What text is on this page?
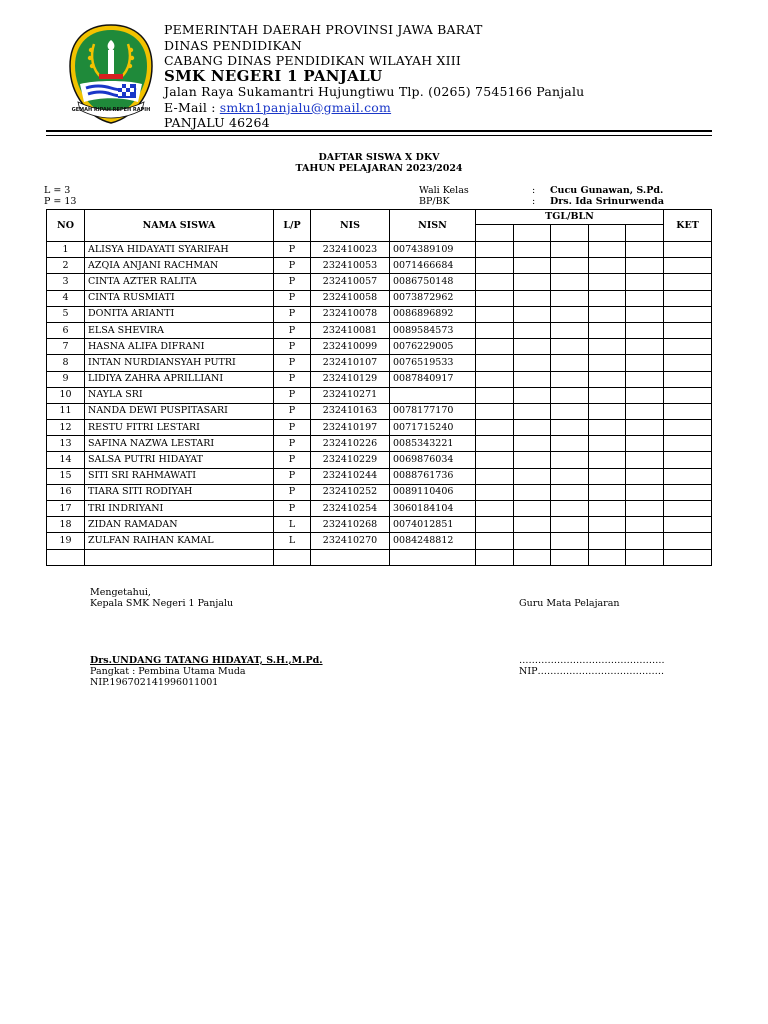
GEMAH RIPAH REPEH RAPIH
PEMERINTAH DAERAH PROVINSI JAWA BARAT
DINAS PENDIDIKAN
CABANG DINAS PENDIDIKAN WILAYAH XIII
SMK NEGERI 1 PANJALU
Jalan Raya Sukamantri Hujungtiwu Tlp. (0265) 7545166 Panjalu
E-Mail : smkn1panjalu@gmail.com
PANJALU 46264
DAFTAR SISWA X DKV
TAHUN PELAJARAN 2023/2024
L = 3
P = 13
Wali Kelas
BP/BK
:
:
Cucu Gunawan, S.Pd.
Drs. Ida Srinurwenda
NO	NAMA SISWA	L/P	NIS	NISN	TGL/BLN					KET

1	ALISYA HIDAYATI SYARIFAH	P	232410023	0074389109						
2	AZQIA ANJANI RACHMAN	P	232410053	0071466684						
3	CINTA AZTER RALITA	P	232410057	0086750148						
4	CINTA RUSMIATI	P	232410058	0073872962						
5	DONITA ARIANTI	P	232410078	0086896892						
6	ELSA SHEVIRA	P	232410081	0089584573						
7	HASNA ALIFA DIFRANI	P	232410099	0076229005						
8	INTAN NURDIANSYAH PUTRI	P	232410107	0076519533						
9	LIDIYA ZAHRA APRILLIANI	P	232410129	0087840917						
10	NAYLA SRI	P	232410271							
11	NANDA DEWI PUSPITASARI	P	232410163	0078177170						
12	RESTU FITRI LESTARI	P	232410197	0071715240						
13	SAFINA NAZWA LESTARI	P	232410226	0085343221						
14	SALSA PUTRI HIDAYAT	P	232410229	0069876034						
15	SITI SRI RAHMAWATI	P	232410244	0088761736						
16	TIARA SITI RODIYAH	P	232410252	0089110406						
17	TRI INDRIYANI	P	232410254	3060184104						
18	ZIDAN RAMADAN	L	232410268	0074012851						
19	ZULFAN RAIHAN KAMAL	L	232410270	0084248812						

Mengetahui,
Kepala SMK Negeri 1 Panjalu	Guru Mata Pelajaran
Drs.UNDANG TATANG HIDAYAT, S.H.,M.Pd.
Pangkat : Pembina Utama Muda
NIP.196702141996011001
……………………………………….
NIP………………………………….
